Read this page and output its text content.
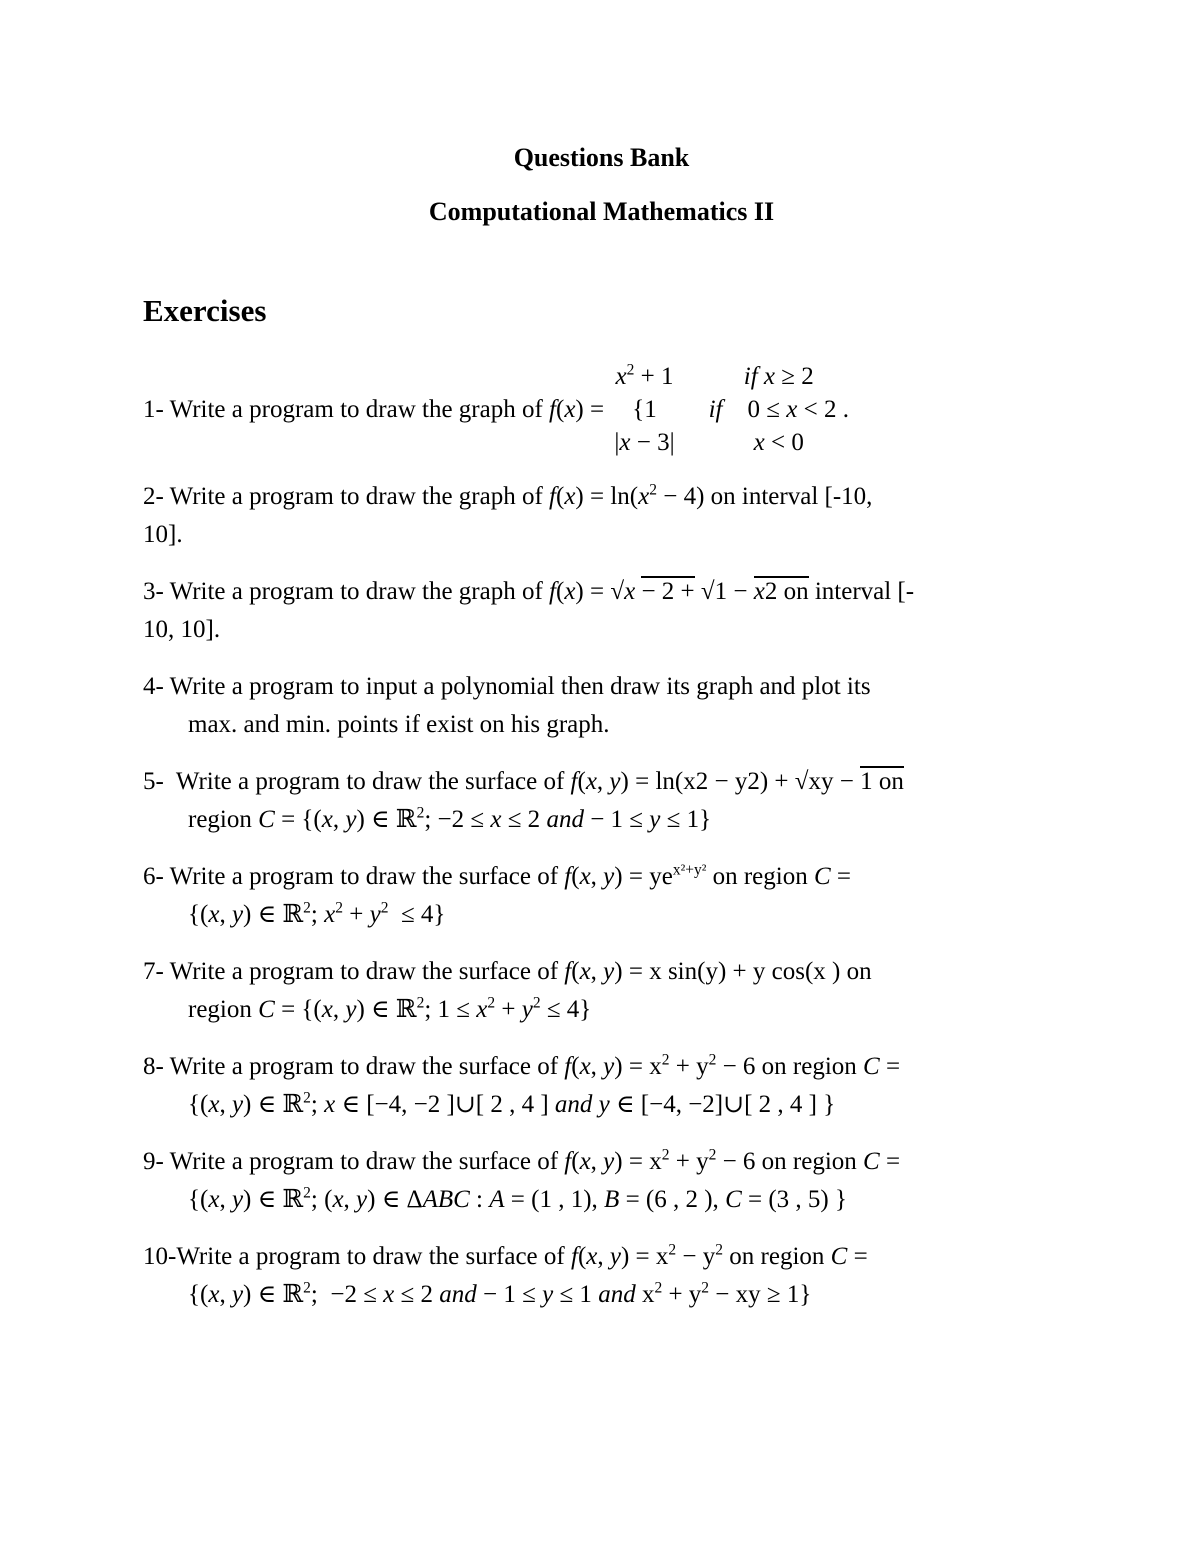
Questions Bank
Computational Mathematics II
Exercises
1- Write a program to draw the graph of f(x) =
$x^2 + 1$	if x ≥ 2
{1 if    0 ≤ x < 2 .
|x − 3|	x < 0
2- Write a program to draw the graph of $f(x) = \ln(x^2 - 4)$ on interval [-10,
10].
3- Write a program to draw the graph of f(x) = √x − 2 + √1 − x2 on interval [-
10, 10].
4- Write a program to input a polynomial then draw its graph and plot its
max. and min. points if exist on his graph.
5-  Write a program to draw the surface of f(x, y) = ln(x2 − y2) + √xy − 1 on
region C = {(x, y) ∈ ℝ$^2$; −2 ≤ x ≤ 2 and − 1 ≤ y ≤ 1}
6- Write a program to draw the surface of f(x, $y) = ye^{x^2+y^2}$ on region C =
{(x, y) ∈ ℝ$^2$; $x^2 + y^2 \le 4$}
7- Write a program to draw the surface of f(x, y) = x sin(y) + y cos(x ) on
region C = {(x, y) ∈ ℝ$^2$; $1 \le x^2 + y^2 \le 4$}
8- Write a program to draw the surface of f(x, $y) = x^2 + y^2 - 6$ on region C =
{(x, y) ∈ ℝ$^2$; x ∈ [−4, −2 ]∪[ 2 , 4 ] and y ∈ [−4, −2]∪[ 2 , 4 ] }
9- Write a program to draw the surface of f(x, $y) = x^2 + y^2 - 6$ on region C =
{(x, y) ∈ ℝ$^2$; (x, y) ∈ ΔABC : A = (1 , 1), B = (6 , 2 ), C = (3 , 5) }
10-Write a program to draw the surface of f(x, $y) = x^2 - y^2$ on region C =
{(x, y) ∈ ℝ$^2$;  −2 ≤ x ≤ 2 and − 1 ≤ y ≤ 1 and $x^2 + y^2$ − xy ≥ 1}
